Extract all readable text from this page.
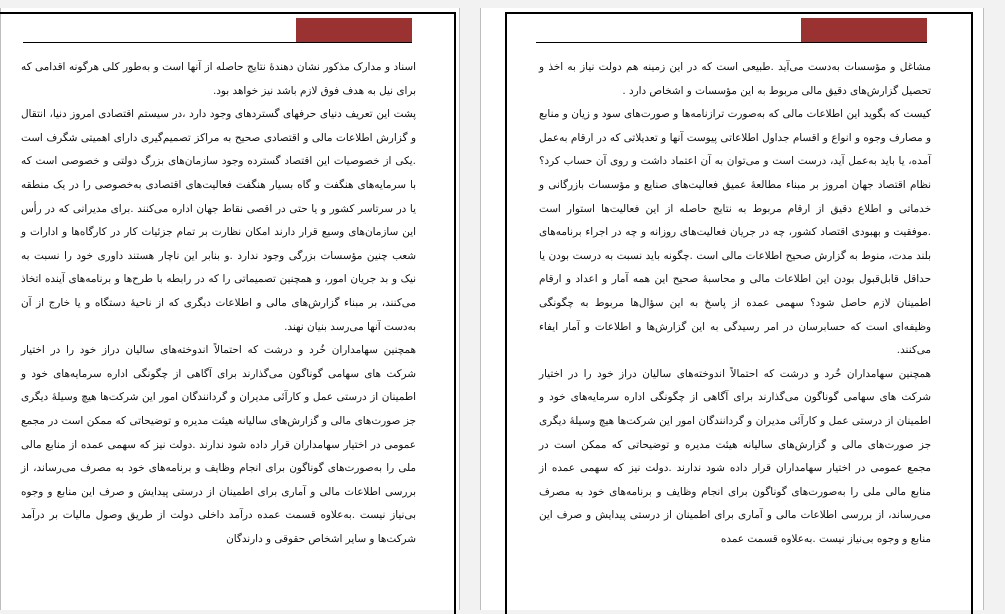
اسناد و مدارک مذکور نشان دهندهٔ نتایج حاصله از آنها است و به‌طور کلی هرگونه اقدامی که برای نیل به هدف فوق لازم باشد نیز خواهد بود.

پشت این تعریف دنیای حرفهای گستردهای وجود دارد ،در سیستم اقتصادی امروز دنیا، انتقال و گزارش اطلاعات مالی و اقتصادی صحیح به مراکز تصمیم‌گیری دارای اهمیتی شگرف است .یکی از خصوصیات این اقتصاد گسترده وجود سازمان‌های بزرگ دولتی و خصوصی است که با سرمایه‌های هنگفت و گاه بسیار هنگفت فعالیت‌های اقتصادی به‌خصوصی را در یک منطقه یا در سرتاسر کشور و یا حتی در اقصی نقاط جهان اداره می‌کنند .برای مدیرانی که در رأس این سازمان‌های وسیع قرار دارند امکان نظارت بر تمام جزئیات کار در کارگاه‌ها و ادارات و شعب چنین مؤسسات بزرگی وجود ندارد .و بنابر این ناچار هستند داوری خود را نسبت به نیک و بد جریان امور، و همچنین تصمیماتی را که در رابطه با طرح‌ها و برنامه‌های آینده اتخاذ می‌کنند، بر مبناء گزارش‌های مالی و اطلاعات دیگری که از ناحیهٔ دستگاه و یا خارج از آن به‌دست آنها می‌رسد بنیان نهند.

همچنین سهامداران خُرد و درشت که احتمالاً اندوخته‌های سالیان دراز خود را در اختیار شرکت های سهامی گوناگون می‌گذارند برای آگاهی از چگونگی اداره سرمایه‌های خود و اطمینان از درستی عمل و کارآئی مدیران و گردانندگان امور این شرکت‌ها هیچ وسیلهٔ دیگری جز صورت‌های مالی و گزارش‌های سالیانه هیئت مدیره و توضیحاتی که ممکن است در مجمع عمومی در اختیار سهامداران قرار داده شود ندارند .دولت نیز که سهمی عمده از منابع مالی ملی را به‌صورت‌های گوناگون برای انجام وظایف و برنامه‌های خود به مصرف می‌رساند، از بررسی اطلاعات مالی و آماری برای اطمینان از درستی پیدایش و صرف این منابع و وجوه بی‌نیاز نیست .به‌علاوه قسمت عمده درآمد داخلی دولت از طریق وصول مالیات بر درآمد شرکت‌ها و سایر اشخاص حقوقی و دارندگان

مشاغل و مؤسسات به‌دست می‌آید .طبیعی است که در این زمینه هم دولت نیاز به اخذ و تحصیل گزارش‌های دقیق مالی مربوط به این مؤسسات و اشخاص دارد .

کیست که بگوید این اطلاعات مالی که به‌صورت ترازنامه‌ها و صورت‌های سود و زیان و منابع و مصارف وجوه و انواع و اقسام جداول اطلاعاتی پیوست آنها و تعدیلاتی که در ارقام به‌عمل آمده، یا باید به‌عمل آید، درست است و می‌توان به آن اعتماد داشت و روی آن حساب کرد؟ نظام اقتصاد جهان امروز بر مبناء مطالعهٔ عمیق فعالیت‌های صنایع و مؤسسات بازرگانی و خدماتی و اطلاع دقیق از ارقام مربوط به نتایج حاصله از این فعالیت‌ها استوار است .موفقیت و بهبودی اقتصاد کشور، چه در جریان فعالیت‌های روزانه و چه در اجراء برنامه‌های بلند مدت، منوط به گزارش صحیح اطلاعات مالی است .چگونه باید نسبت به درست بودن یا حداقل قابل‌قبول بودن این اطلاعات مالی و محاسبهٔ صحیح این همه آمار و اعداد و ارقام اطمینان لازم حاصل شود؟ سهمی عمده از پاسخ به این سؤال‌ها مربوط به چگونگی وظیفه‌ای است که حسابرسان در امر رسیدگی به این گزارش‌ها و اطلاعات و آمار ایفاء می‌کنند.

همچنین سهامداران خُرد و درشت که احتمالاً اندوخته‌های سالیان دراز خود را در اختیار شرکت های سهامی گوناگون می‌گذارند برای آگاهی از چگونگی اداره سرمایه‌های خود و اطمینان از درستی عمل و کارآئی مدیران و گردانندگان امور این شرکت‌ها هیچ وسیلهٔ دیگری جز صورت‌های مالی و گزارش‌های سالیانه هیئت مدیره و توضیحاتی که ممکن است در مجمع عمومی در اختیار سهامداران قرار داده شود ندارند .دولت نیز که سهمی عمده از منابع مالی ملی را به‌صورت‌های گوناگون برای انجام وظایف و برنامه‌های خود به مصرف می‌رساند، از بررسی اطلاعات مالی و آماری برای اطمینان از درستی پیدایش و صرف این منابع و وجوه بی‌نیاز نیست .به‌علاوه قسمت عمده
